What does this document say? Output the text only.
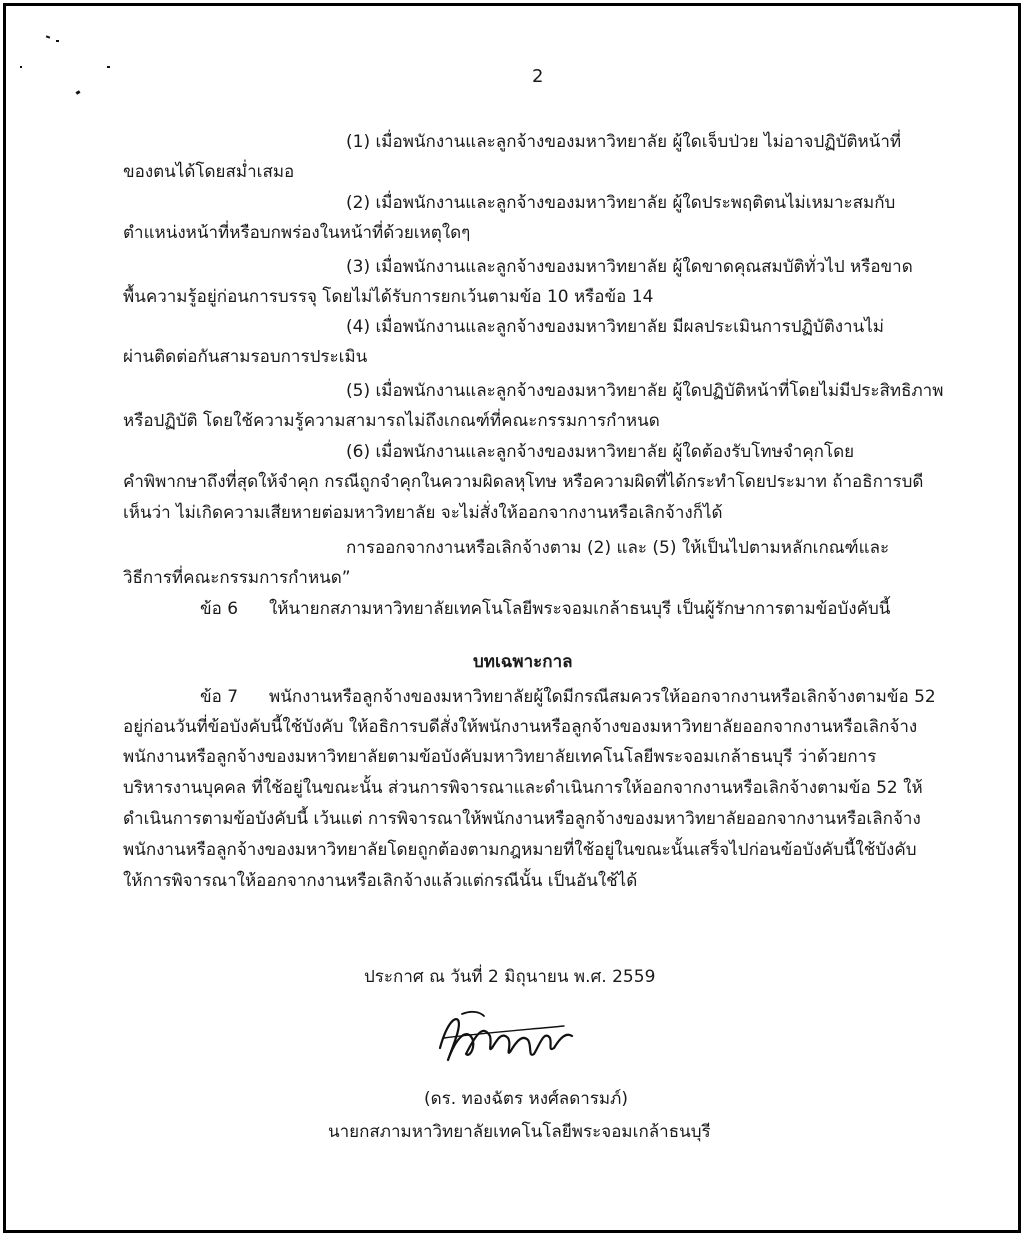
2
(1) เมื่อพนักงานและลูกจ้างของมหาวิทยาลัย ผู้ใดเจ็บป่วย ไม่อาจปฏิบัติหน้าที่
ของตนได้โดยสม่ำเสมอ
(2) เมื่อพนักงานและลูกจ้างของมหาวิทยาลัย ผู้ใดประพฤติตนไม่เหมาะสมกับ
ตำแหน่งหน้าที่หรือบกพร่องในหน้าที่ด้วยเหตุใดๆ
(3) เมื่อพนักงานและลูกจ้างของมหาวิทยาลัย ผู้ใดขาดคุณสมบัติทั่วไป หรือขาด
พื้นความรู้อยู่ก่อนการบรรจุ โดยไม่ได้รับการยกเว้นตามข้อ 10 หรือข้อ 14
(4) เมื่อพนักงานและลูกจ้างของมหาวิทยาลัย มีผลประเมินการปฏิบัติงานไม่
ผ่านติดต่อกันสามรอบการประเมิน
(5) เมื่อพนักงานและลูกจ้างของมหาวิทยาลัย ผู้ใดปฏิบัติหน้าที่โดยไม่มีประสิทธิภาพ
หรือปฏิบัติ โดยใช้ความรู้ความสามารถไม่ถึงเกณฑ์ที่คณะกรรมการกำหนด
(6) เมื่อพนักงานและลูกจ้างของมหาวิทยาลัย ผู้ใดต้องรับโทษจำคุกโดย
คำพิพากษาถึงที่สุดให้จำคุก กรณีถูกจำคุกในความผิดลหุโทษ หรือความผิดที่ได้กระทำโดยประมาท ถ้าอธิการบดี
เห็นว่า ไม่เกิดความเสียหายต่อมหาวิทยาลัย จะไม่สั่งให้ออกจากงานหรือเลิกจ้างก็ได้
การออกจากงานหรือเลิกจ้างตาม (2) และ (5) ให้เป็นไปตามหลักเกณฑ์และ
วิธีการที่คณะกรรมการกำหนด”
ข้อ 6 ให้นายกสภามหาวิทยาลัยเทคโนโลยีพระจอมเกล้าธนบุรี เป็นผู้รักษาการตามข้อบังคับนี้
บทเฉพาะกาล
ข้อ 7 พนักงานหรือลูกจ้างของมหาวิทยาลัยผู้ใดมีกรณีสมควรให้ออกจากงานหรือเลิกจ้างตามข้อ 52
อยู่ก่อนวันที่ข้อบังคับนี้ใช้บังคับ ให้อธิการบดีสั่งให้พนักงานหรือลูกจ้างของมหาวิทยาลัยออกจากงานหรือเลิกจ้าง
พนักงานหรือลูกจ้างของมหาวิทยาลัยตามข้อบังคับมหาวิทยาลัยเทคโนโลยีพระจอมเกล้าธนบุรี ว่าด้วยการ
บริหารงานบุคคล ที่ใช้อยู่ในขณะนั้น ส่วนการพิจารณาและดำเนินการให้ออกจากงานหรือเลิกจ้างตามข้อ 52 ให้
ดำเนินการตามข้อบังคับนี้ เว้นแต่ การพิจารณาให้พนักงานหรือลูกจ้างของมหาวิทยาลัยออกจากงานหรือเลิกจ้าง
พนักงานหรือลูกจ้างของมหาวิทยาลัยโดยถูกต้องตามกฎหมายที่ใช้อยู่ในขณะนั้นเสร็จไปก่อนข้อบังคับนี้ใช้บังคับ
ให้การพิจารณาให้ออกจากงานหรือเลิกจ้างแล้วแต่กรณีนั้น เป็นอันใช้ได้
ประกาศ ณ วันที่ 2 มิถุนายน พ.ศ. 2559
(ดร. ทองฉัตร หงศ์ลดารมภ์)
นายกสภามหาวิทยาลัยเทคโนโลยีพระจอมเกล้าธนบุรี
